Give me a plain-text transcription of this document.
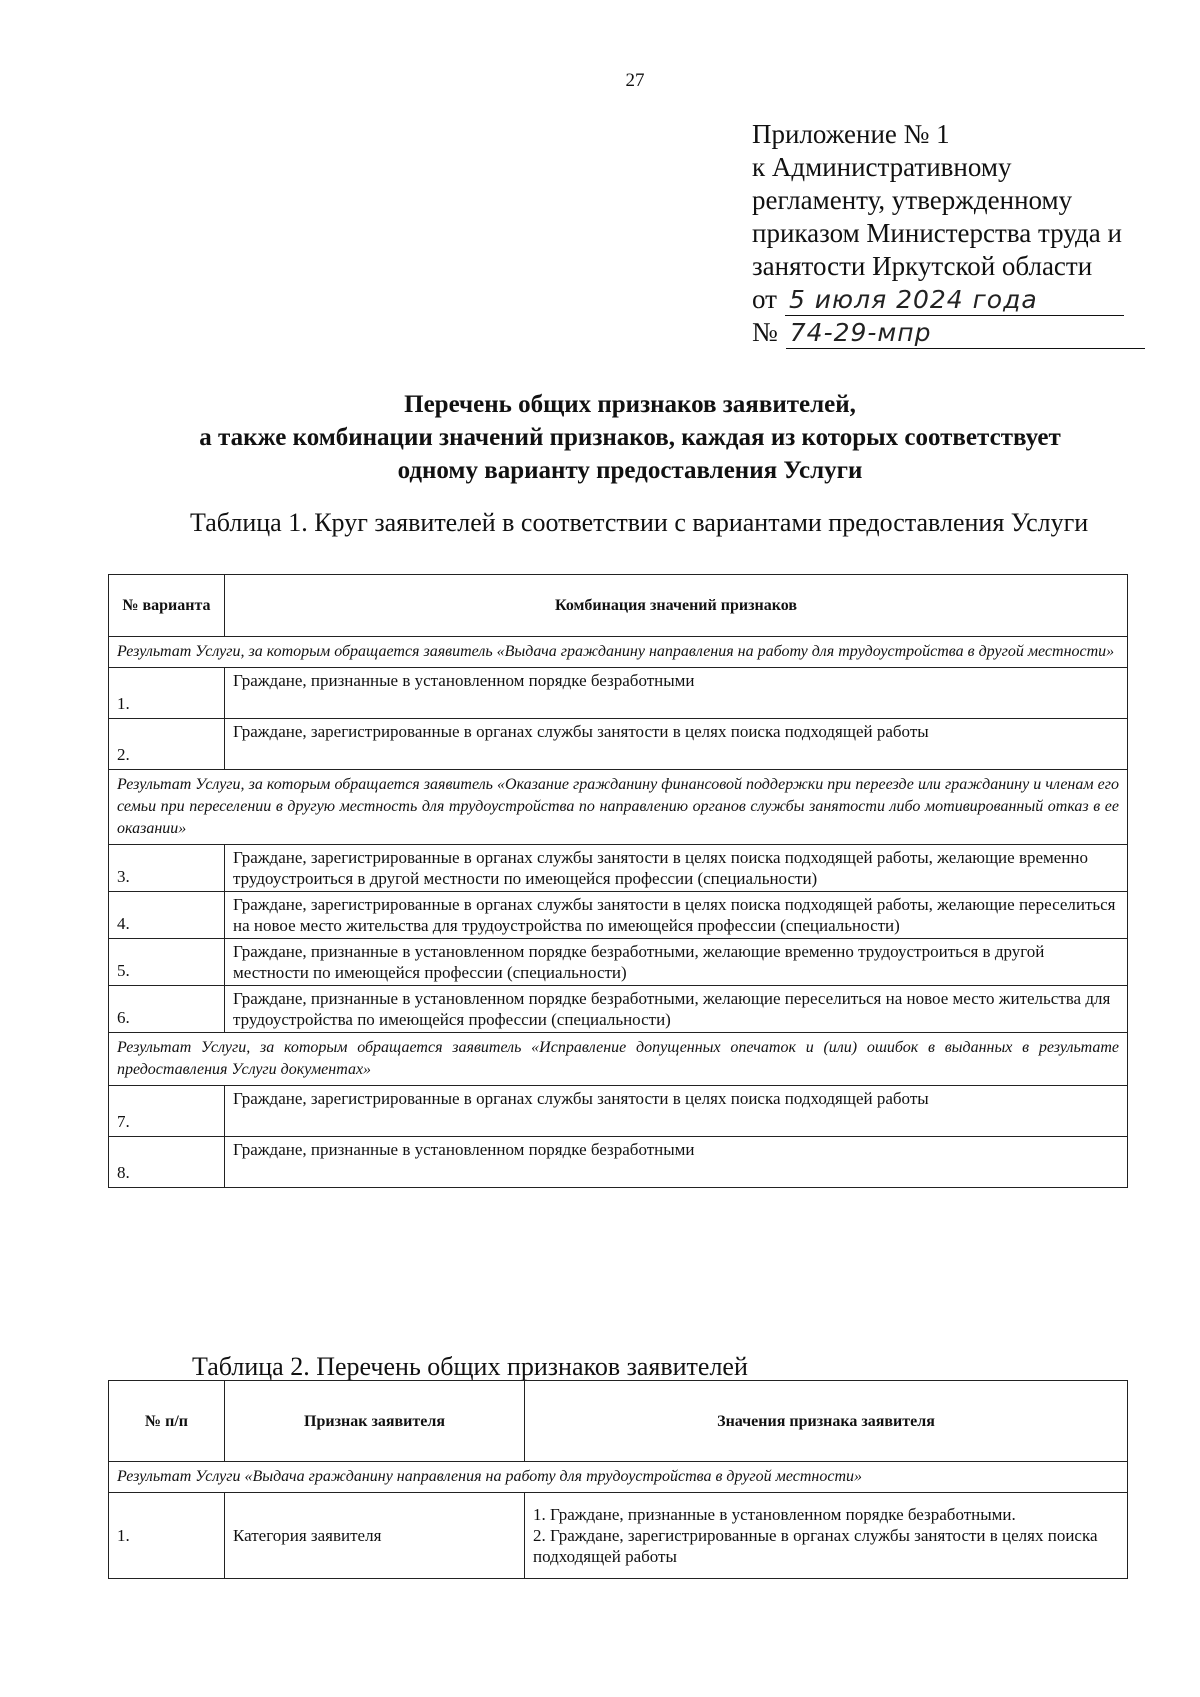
27
Приложение № 1
к Административному
регламенту, утвержденному
приказом Министерства труда и
занятости Иркутской области
от 5 июля 2024 года
№ 74-29-мпр
Перечень общих признаков заявителей,
а также комбинации значений признаков, каждая из которых соответствует
одному варианту предоставления Услуги
Таблица 1. Круг заявителей в соответствии с вариантами предоставления Услуги
№ варианта	Комбинация значений признаков
Результат Услуги, за которым обращается заявитель «Выдача гражданину направления на работу для трудоустройства в другой местности»	
1.	Граждане, признанные в установленном порядке безработными
2.	Граждане, зарегистрированные в органах службы занятости в целях поиска подходящей работы
Результат Услуги, за которым обращается заявитель «Оказание гражданину финансовой поддержки при переезде или гражданину и членам его семьи при переселении в другую местность для трудоустройства по направлению органов службы занятости либо мотивированный отказ в ее оказании»	
3.	Граждане, зарегистрированные в органах службы занятости в целях поиска подходящей работы, желающие временно трудоустроиться в другой местности по имеющейся профессии (специальности)
4.	Граждане, зарегистрированные в органах службы занятости в целях поиска подходящей работы, желающие переселиться на новое место жительства для трудоустройства по имеющейся профессии (специальности)
5.	Граждане, признанные в установленном порядке безработными, желающие временно трудоустроиться в другой местности по имеющейся профессии (специальности)
6.	Граждане, признанные в установленном порядке безработными, желающие переселиться на новое место жительства для трудоустройства по имеющейся профессии (специальности)
Результат Услуги, за которым обращается заявитель «Исправление допущенных опечаток и (или) ошибок в выданных в результате предоставления Услуги документах»	
7.	Граждане, зарегистрированные в органах службы занятости в целях поиска подходящей работы
8.	Граждане, признанные в установленном порядке безработными
Таблица 2. Перечень общих признаков заявителей
№ п/п	Признак заявителя	Значения признака заявителя
Результат Услуги «Выдача гражданину направления на работу для трудоустройства в другой местности»		
1.	Категория заявителя	1. Граждане, признанные в установленном порядке безработными.
2. Граждане, зарегистрированные в органах службы занятости в целях поиска подходящей работы
